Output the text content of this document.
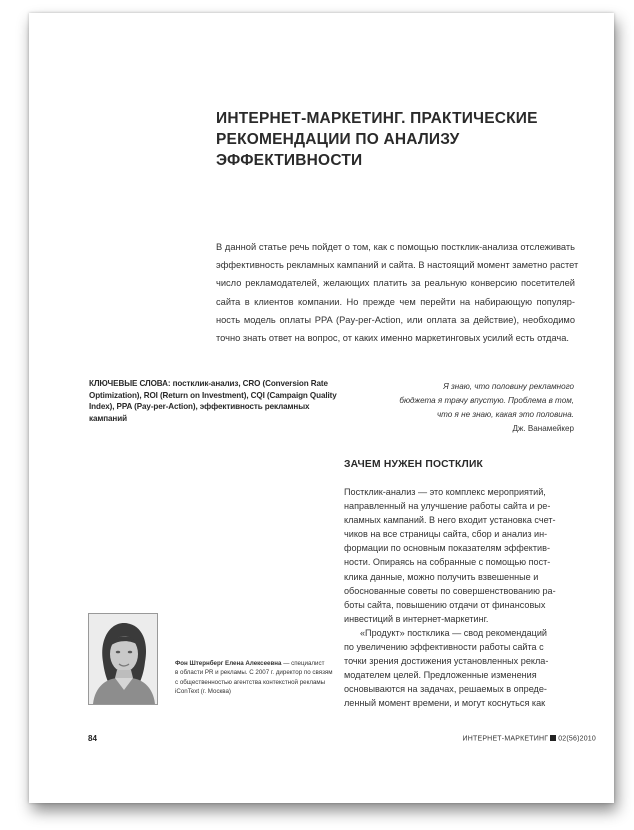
ИНТЕРНЕТ-МАРКЕТИНГ. ПРАКТИЧЕСКИЕ
РЕКОМЕНДАЦИИ ПО АНАЛИЗУ
ЭФФЕКТИВНОСТИ
В данной статье речь пойдет о том, как с помощью постклик-анализа отслеживать
эффективность рекламных кампаний и сайта. В настоящий момент заметно растет
число рекламодателей, желающих платить за реальную конверсию посетителей
сайта в клиентов компании. Но прежде чем перейти на набирающую популяр-
ность модель оплаты PPA (Pay-per-Action, или оплата за действие), необходимо
точно знать ответ на вопрос, от каких именно маркетинговых усилий есть отдача.
КЛЮЧЕВЫЕ СЛОВА: постклик-анализ, CRO (Conversion Rate
Optimization), ROI (Return on Investment), CQI (Campaign Quality
Index), PPA (Pay-per-Action), эффективность рекламных
кампаний
Я знаю, что половину рекламного
бюджета я трачу впустую. Проблема в том,
что я не знаю, какая это половина.
Дж. Ванамейкер
ЗАЧЕМ НУЖЕН ПОСТКЛИК
Постклик-анализ — это комплекс мероприятий,
направленный на улучшение работы сайта и ре-
кламных кампаний. В него входит установка счет-
чиков на все страницы сайта, сбор и анализ ин-
формации по основным показателям эффектив-
ности. Опираясь на собранные с помощью пост-
клика данные, можно получить взвешенные и
обоснованные советы по совершенствованию ра-
боты сайта, повышению отдачи от финансовых
инвестиций в интернет-маркетинг.
«Продукт» постклика — свод рекомендаций
по увеличению эффективности работы сайта с
точки зрения достижения установленных рекла-
модателем целей. Предложенные изменения
основываются на задачах, решаемых в опреде-
ленный момент времени, и могут коснуться как
Фон Штернберг Елена Алексеевна — специалист
в области PR и рекламы. С 2007 г. директор по связям
с общественностью агентства контекстной рекламы
iConText (г. Москва)
84	ИНТЕРНЕТ-МАРКЕТИНГ 02(56)2010
